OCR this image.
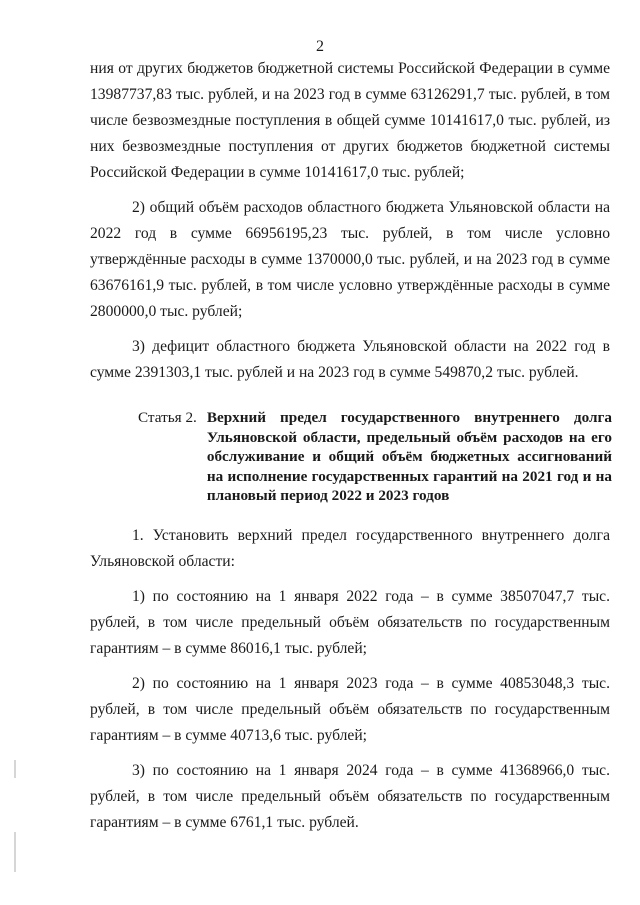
2

ния от других бюджетов бюджетной системы Российской Федерации в сумме 13987737,83 тыс. рублей, и на 2023 год в сумме 63126291,7 тыс. рублей, в том числе безвозмездные поступления в общей сумме 10141617,0 тыс. рублей, из них безвозмездные поступления от других бюджетов бюджетной системы Российской Федерации в сумме 10141617,0 тыс. рублей;

2) общий объём расходов областного бюджета Ульяновской области на 2022 год в сумме 66956195,23 тыс. рублей, в том числе условно утверждённые расходы в сумме 1370000,0 тыс. рублей, и на 2023 год в сумме 63676161,9 тыс. рублей, в том числе условно утверждённые расходы в сумме 2800000,0 тыс. рублей;

3) дефицит областного бюджета Ульяновской области на 2022 год в сумме 2391303,1 тыс. рублей и на 2023 год в сумме 549870,2 тыс. рублей.

Статья 2. Верхний предел государственного внутреннего долга Ульяновской области, предельный объём расходов на его обслуживание и общий объём бюджетных ассигнований на исполнение государственных гарантий на 2021 год и на плановый период 2022 и 2023 годов

1. Установить верхний предел государственного внутреннего долга Ульяновской области:

1) по состоянию на 1 января 2022 года – в сумме 38507047,7 тыс. рублей, в том числе предельный объём обязательств по государственным гарантиям – в сумме 86016,1 тыс. рублей;

2) по состоянию на 1 января 2023 года – в сумме 40853048,3 тыс. рублей, в том числе предельный объём обязательств по государственным гарантиям – в сумме 40713,6 тыс. рублей;

3) по состоянию на 1 января 2024 года – в сумме 41368966,0 тыс. рублей, в том числе предельный объём обязательств по государственным гарантиям – в сумме 6761,1 тыс. рублей.
